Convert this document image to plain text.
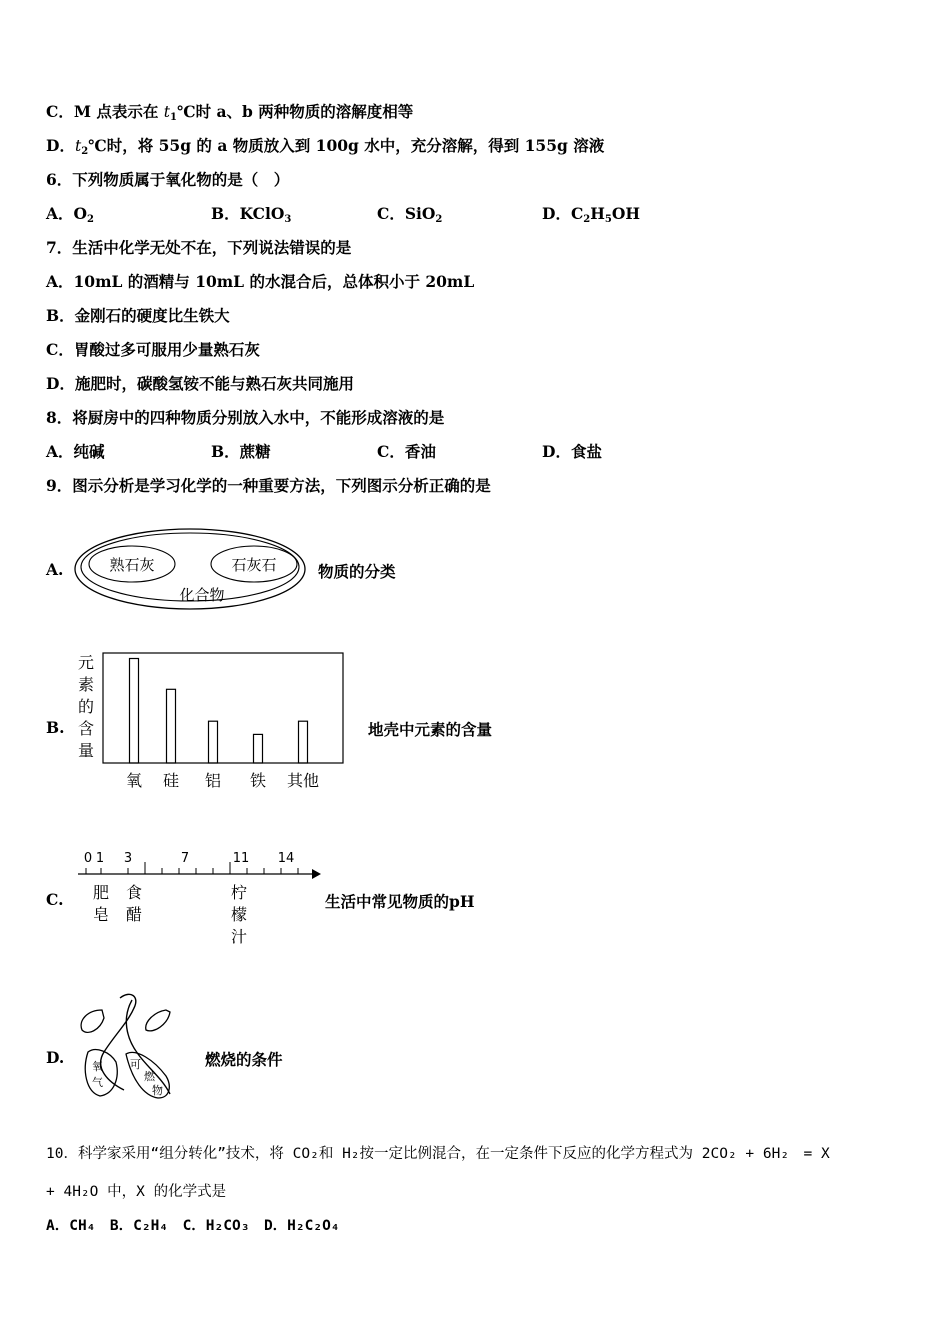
C．M 点表示在 $t_1℃$时 a、b 两种物质的溶解度相等
D．$t_2℃$时，将 55g 的 a 物质放入到 100g 水中，充分溶解，得到 155g 溶液
6．下列物质属于氧化物的是（　）
A．$O_2$	B．KClO$_3$	C．SiO$_2$	D．$C_2H_5OH$
7．生活中化学无处不在，下列说法错误的是
A．10mL 的酒精与 10mL 的水混合后，总体积小于 20mL
B．金刚石的硬度比生铁大
C．胃酸过多可服用少量熟石灰
D．施肥时，碳酸氢铵不能与熟石灰共同施用
8．将厨房中的四种物质分别放入水中，不能形成溶液的是
A．纯碱	B．蔗糖	C．香油	D．食盐
9．图示分析是学习化学的一种重要方法，下列图示分析正确的是
A.	熟石灰	石灰石
化合物
物质的分类
B.
元
素
的
含
量
氧 硅 铝 铁 其他
地壳中元素的含量
C.
0 1 3	7	11 14
肥
皂
食
醋
柠
檬
汁
生活中常见物质的pH
D.	氧
气
可
燃
物
燃烧的条件
10．科学家采用“组分转化”技术，将 CO₂和 H₂按一定比例混合，在一定条件下反应的化学方程式为 2CO₂ + 6H₂　= X
+ 4H₂O 中，X 的化学式是
A．CH₄　B．C₂H₄　C．H₂CO₃　D．H₂C₂O₄
